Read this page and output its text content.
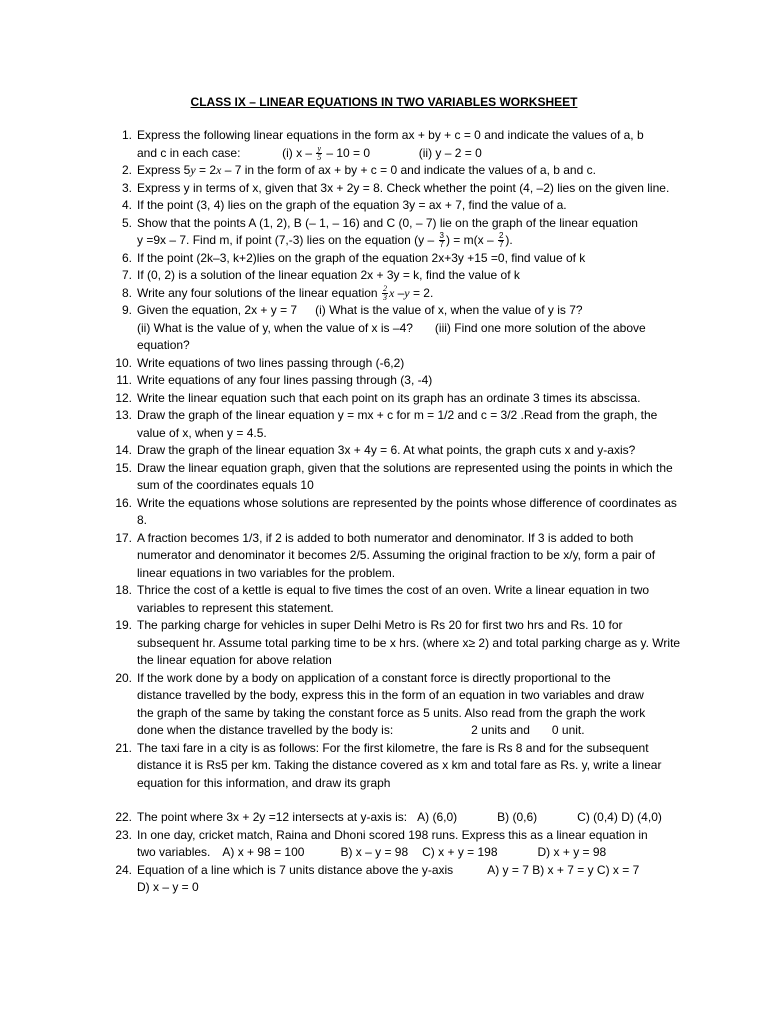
CLASS IX – LINEAR EQUATIONS IN TWO VARIABLES WORKSHEET
1. Express the following linear equations in the form ax + by + c = 0 and indicate the values of a, b
and c in each case:	(i) $x - \frac{y}{5} - 10 = 0$	(ii) y – 2 = 0
2. Express 5y = 2x – 7 in the form of ax + by + c = 0 and indicate the values of a, b and c.
3. Express y in terms of x, given that 3x + 2y = 8. Check whether the point (4, –2) lies on the given line.
4. If the point (3, 4) lies on the graph of the equation 3y = ax + 7, find the value of a.
5. Show that the points A (1, 2), B (– 1, – 16) and C (0, – 7) lie on the graph of the linear equation
y =9x – 7. Find m, if point (7,-3) lies on the equation ($y - \frac{3}{7}$ ) = $m(x - \frac{2}{7}$ ).
6. If the point (2k–3, k+2)lies on the graph of the equation 2x+3y +15 =0, find value of k
7. If (0, 2) is a solution of the linear equation 2x + 3y = k, find the value of k
8. Write any four solutions of the linear equation $\frac{2}{3}$ x –y = 2.
9. Given the equation, 2x + y = 7 (i) What is the value of x, when the value of y is 7?
(ii) What is the value of y, when the value of x is –4? (iii) Find one more solution of the above
equation?
10. Write equations of two lines passing through (-6,2)
11. Write equations of any four lines passing through (3, -4)
12. Write the linear equation such that each point on its graph has an ordinate 3 times its abscissa.
13. Draw the graph of the linear equation y = mx + c for m = 1/2 and c = 3/2 .Read from the graph, the value of x, when y = 4.5.
14. Draw the graph of the linear equation 3x + 4y = 6. At what points, the graph cuts x and y-axis?
15. Draw the linear equation graph, given that the solutions are represented using the points in which the sum of the coordinates equals 10
16. Write the equations whose solutions are represented by the points whose difference of coordinates as 8.
17. A fraction becomes 1/3, if 2 is added to both numerator and denominator. If 3 is added to both numerator and denominator it becomes 2/5. Assuming the original fraction to be x/y, form a pair of linear equations in two variables for the problem.
18. Thrice the cost of a kettle is equal to five times the cost of an oven. Write a linear equation in two variables to represent this statement.
19. The parking charge for vehicles in super Delhi Metro is Rs 20 for first two hrs and Rs. 10 for subsequent hr. Assume total parking time to be x hrs. (where x≥ 2) and total parking charge as y. Write the linear equation for above relation
20. If the work done by a body on application of a constant force is directly proportional to the
distance travelled by the body, express this in the form of an equation in two variables and draw
the graph of the same by taking the constant force as 5 units. Also read from the graph the work
done when the distance travelled by the body is:	2 units and 0 unit.
21. The taxi fare in a city is as follows: For the first kilometre, the fare is Rs 8 and for the subsequent distance it is Rs5 per km. Taking the distance covered as x km and total fare as Rs. y, write a linear equation for this information, and draw its graph
22. The point where 3x + 2y =12 intersects at y-axis is: A) (6,0)	B) (0,6)	C) (0,4) D) (4,0)
23. In one day, cricket match, Raina and Dhoni scored 198 runs. Express this as a linear equation in
two variables. A) x + 98 = 100	B) x – y = 98 C) x + y = 198	D) x + y = 98
24. Equation of a line which is 7 units distance above the y-axis	A) y = 7 B) x + 7 = y C) x = 7
D) x – y = 0
